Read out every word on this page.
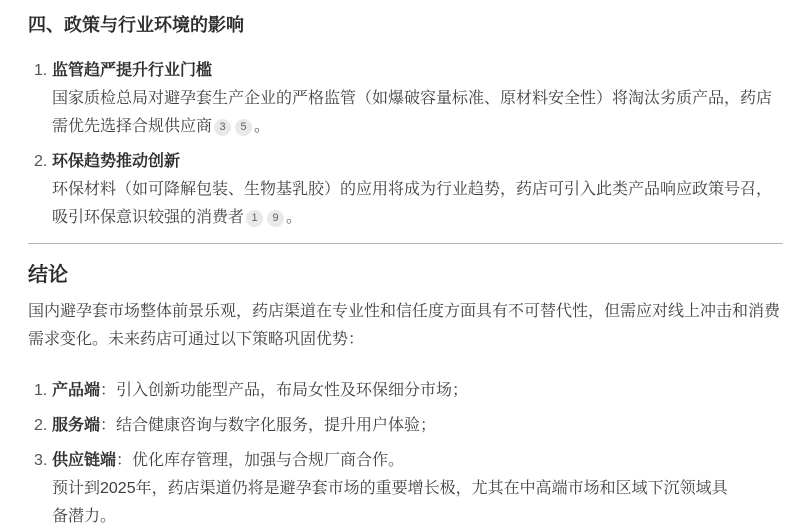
四、政策与行业环境的影响
1. 监管趋严提升行业门槛
国家质检总局对避孕套生产企业的严格监管（如爆破容量标准、原材料安全性）将淘汰劣质产品，药店需优先选择合规供应商 3 5 。
2. 环保趋势推动创新
环保材料（如可降解包装、生物基乳胶）的应用将成为行业趋势，药店可引入此类产品响应政策号召，吸引环保意识较强的消费者 1 9 。
结论

国内避孕套市场整体前景乐观，药店渠道在专业性和信任度方面具有不可替代性，但需应对线上冲击和消费需求变化。未来药店可通过以下策略巩固优势：

1. 产品端：引入创新功能型产品，布局女性及环保细分市场；
2. 服务端：结合健康咨询与数字化服务，提升用户体验；
3. 供应链端：优化库存管理，加强与合规厂商合作。
预计到2025年，药店渠道仍将是避孕套市场的重要增长极，尤其在中高端市场和区域下沉领域具备潜力。
